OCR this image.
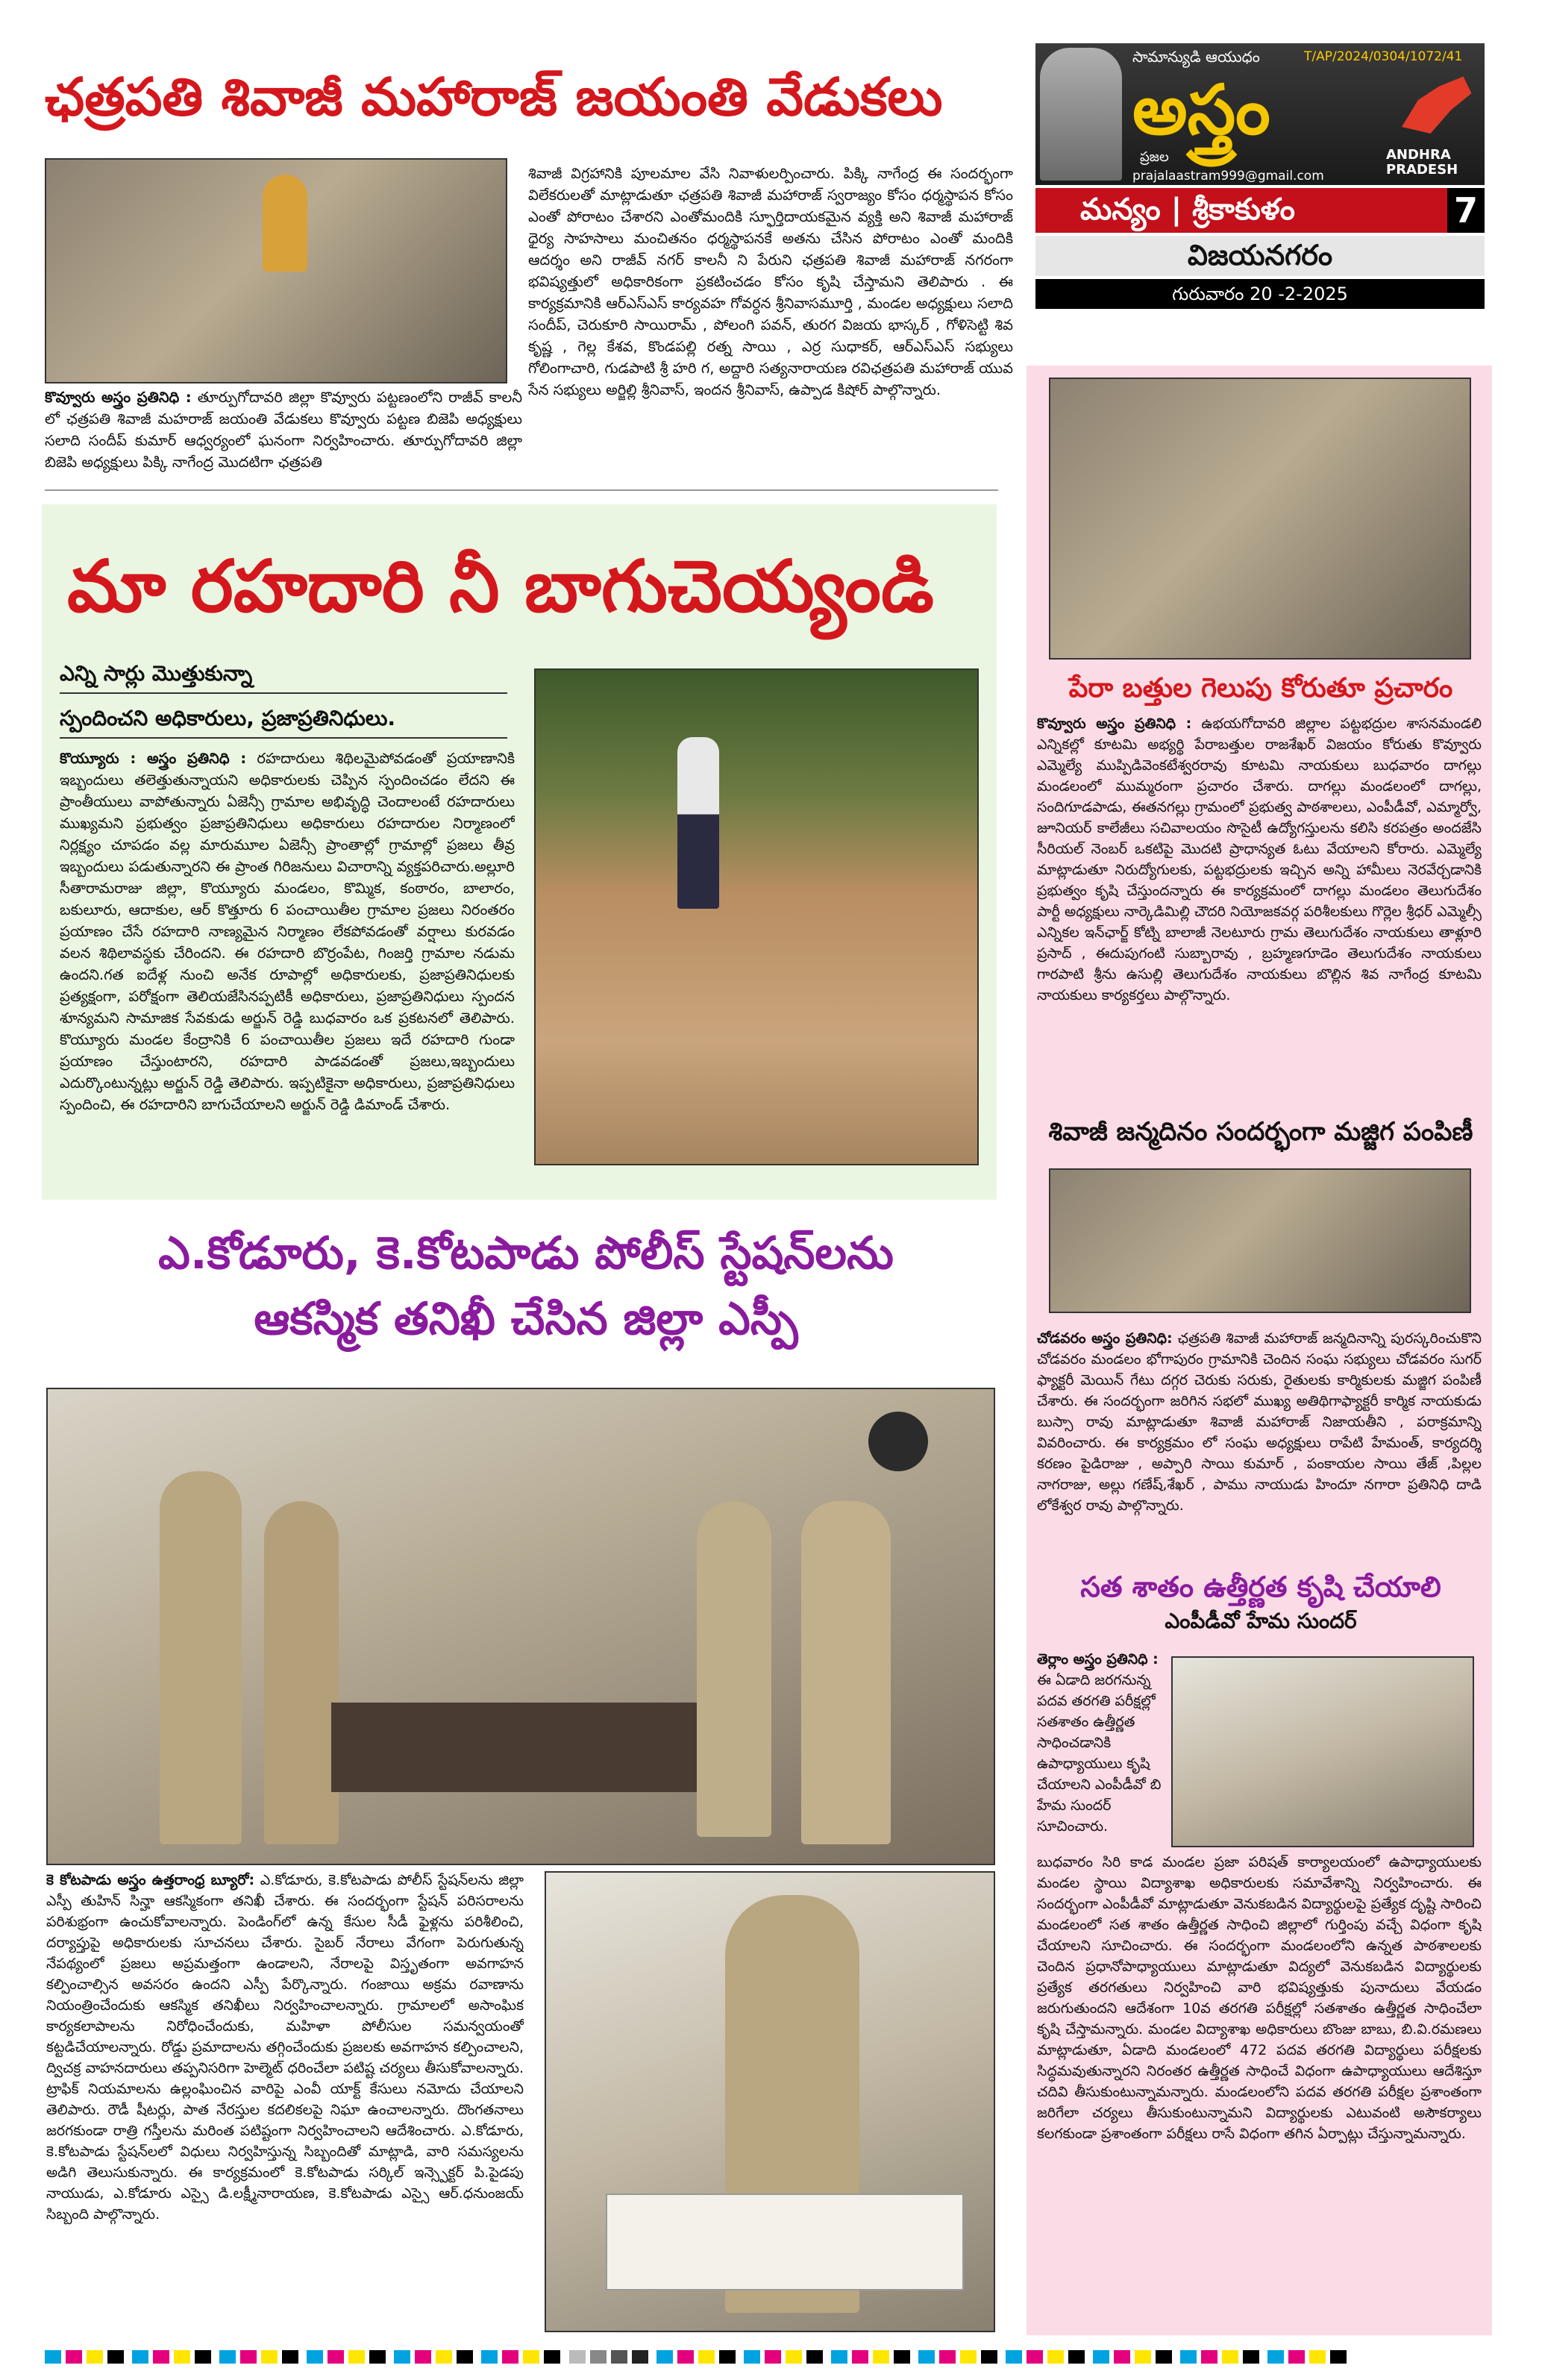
సామాన్యుడి ఆయుధం	T/AP/2024/0304/1072/41
అస్త్రం
ప్రజల	ANDHRA PRADESH
prajalaastram999@gmail.com
మన్యం | శ్రీకాకుళం	7
విజయనగరం
గురువారం 20 -2-2025
ఛత్రపతి శివాజీ మహారాజ్ జయంతి వేడుకలు
కొవ్వూరు అస్త్రం ప్రతినిధి : తూర్పుగోదావరి జిల్లా కొవ్వూరు పట్టణంలోని రాజీవ్ కాలనీ లో ఛత్రపతి శివాజీ మహరాజ్ జయంతి వేడుకలు కొవ్వూరు పట్టణ బిజెపి అధ్యక్షులు సలాది సందీప్ కుమార్ ఆధ్వర్యంలో ఘనంగా నిర్వహించారు. తూర్పుగోదావరి జిల్లా బిజెపి అధ్యక్షులు పిక్కి నాగేంద్ర మొదటిగా ఛత్రపతి
శివాజీ విగ్రహానికి పూలమాల వేసి నివాళులర్పించారు. పిక్కి నాగేంద్ర ఈ సందర్భంగా విలేకరులతో మాట్లాడుతూ ఛత్రపతి శివాజీ మహారాజ్ స్వరాజ్యం కోసం ధర్మస్థాపన కోసం ఎంతో పోరాటం చేశారని ఎంతోమందికి స్ఫూర్తిదాయకమైన వ్యక్తి అని శివాజీ మహారాజ్ ధైర్య సాహసాలు మంచితనం ధర్మస్థాపనకే అతను చేసిన పోరాటం ఎంతో మందికి ఆదర్శం అని రాజీవ్ నగర్ కాలనీ ని పేరుని ఛత్రపతి శివాజీ మహారాజ్ నగరంగా భవిష్యత్తులో అధికారికంగా ప్రకటించడం కోసం కృషి చేస్తామని తెలిపారు . ఈ కార్యక్రమానికి ఆర్ఎస్ఎస్ కార్యవహ గోవర్ధన శ్రీనివాసమూర్తి , మండల అధ్యక్షులు సలాది సందీప్, చెరుకూరి సాయిరామ్ , పోలంగి పవన్, తురగ విజయ భాస్కర్ , గోళిసెట్టి శివ కృష్ణ , గెల్ల కేశవ, కొండపల్లి రత్న సాయి , ఎర్ర సుధాకర్, ఆర్ఎస్ఎస్ సభ్యులు గోలింగాచారి, గుడపాటి శ్రీ హరి గ, అద్దారి సత్యనారాయణ రవిఛత్రపతి మహారాజ్ యువ సేన సభ్యులు అర్జిల్లి శ్రీనివాస్, ఇందన శ్రీనివాస్, ఉప్పాడ కిషోర్ పాల్గొన్నారు.
మా రహదారి నీ బాగుచెయ్యండి
ఎన్ని సార్లు మొత్తుకున్నా
స్పందించని అధికారులు, ప్రజాప్రతినిధులు.
కొయ్యూరు : అస్త్రం ప్రతినిధి : రహదారులు శిథిలమైపోవడంతో ప్రయాణానికి ఇబ్బందులు తలెత్తుతున్నాయని అధికారులకు చెప్పిన స్పందించడం లేదని ఈ ప్రాంతీయులు వాపోతున్నారు ఏజెన్సీ గ్రామాల అభివృద్ధి చెందాలంటే రహదారులు ముఖ్యమని ప్రభుత్వం ప్రజాప్రతినిధులు అధికారులు రహదారుల నిర్మాణంలో నిర్లక్ష్యం చూపడం వల్ల మారుమూల ఏజెన్సీ ప్రాంతాల్లో గ్రామాల్లో ప్రజలు తీవ్ర ఇబ్బందులు పడుతున్నారని ఈ ప్రాంత గిరిజనులు విచారాన్ని వ్యక్తపరిచారు.అల్లూరి సీతారామరాజు జిల్లా, కొయ్యూరు మండలం, కొమ్మిక, కంఠారం, బాలారం, బకులూరు, ఆదాకుల, ఆర్ కొత్తూరు 6 పంచాయితీల గ్రామాల ప్రజలు నిరంతరం ప్రయాణం చేసే రహదారి నాణ్యమైన నిర్మాణం లేకపోవడంతో వర్షాలు కురవడం వలన శిథిలావస్థకు చేరిందని. ఈ రహదారి బొర్రంపేట, గింజర్తి గ్రామాల నడుమ ఉందని.గత ఐదేళ్ల నుంచి అనేక రూపాల్లో అధికారులకు, ప్రజాప్రతినిధులకు ప్రత్యక్షంగా, పరోక్షంగా తెలియజేసినప్పటికీ అధికారులు, ప్రజాప్రతినిధులు స్పందన శూన్యమని సామాజిక సేవకుడు అర్జున్ రెడ్డి బుధవారం ఒక ప్రకటనలో తెలిపారు. కొయ్యూరు మండల కేంద్రానికి 6 పంచాయితీల ప్రజలు ఇదే రహదారి గుండా ప్రయాణం చేస్తుంటారని, రహదారి పాడవడంతో ప్రజలు,ఇబ్బందులు ఎదుర్కొంటున్నట్లు అర్జున్ రెడ్డి తెలిపారు. ఇప్పటికైనా అధికారులు, ప్రజాప్రతినిధులు స్పందించి, ఈ రహదారిని బాగుచేయాలని అర్జున్ రెడ్డి డిమాండ్ చేశారు.
ఎ.కోడూరు, కె.కోటపాడు పోలీస్ స్టేషన్‌లను
ఆకస్మిక తనిఖీ చేసిన జిల్లా ఎస్పీ
కె కోటపాడు అస్త్రం ఉత్తరాంధ్ర బ్యూరో: ఎ.కోడూరు, కె.కోటపాడు పోలీస్ స్టేషన్‌లను జిల్లా ఎస్పీ తుహిన్ సిన్హా ఆకస్మికంగా తనిఖీ చేశారు. ఈ సందర్భంగా స్టేషన్ పరిసరాలను పరిశుభ్రంగా ఉంచుకోవాలన్నారు. పెండింగ్‌లో ఉన్న కేసుల సీడీ ఫైళ్లను పరిశీలించి, దర్యాప్తుపై అధికారులకు సూచనలు చేశారు. సైబర్ నేరాలు వేగంగా పెరుగుతున్న నేపథ్యంలో ప్రజలు అప్రమత్తంగా ఉండాలని, నేరాలపై విస్తృతంగా అవగాహన కల్పించాల్సిన అవసరం ఉందని ఎస్పీ పేర్కొన్నారు. గంజాయి అక్రమ రవాణాను నియంత్రించేందుకు ఆకస్మిక తనిఖీలు నిర్వహించాలన్నారు. గ్రామాలలో అసాంఘిక కార్యకలాపాలను నిరోధించేందుకు, మహిళా పోలీసుల సమన్వయంతో కట్టడిచేయాలన్నారు. రోడ్డు ప్రమాదాలను తగ్గించేందుకు ప్రజలకు అవగాహన కల్పించాలని, ద్విచక్ర వాహనదారులు తప్పనిసరిగా హెల్మెట్ ధరించేలా పటిష్ట చర్యలు తీసుకోవాలన్నారు. ట్రాఫిక్ నియమాలను ఉల్లంఘించిన వారిపై ఎంవీ యాక్ట్ కేసులు నమోదు చేయాలని తెలిపారు. రౌడీ షీటర్లు, పాత నేరస్తుల కదలికలపై నిఘా ఉంచాలన్నారు. దొంగతనాలు జరగకుండా రాత్రి గస్తీలను మరింత పటిష్టంగా నిర్వహించాలని ఆదేశించారు. ఎ.కోడూరు, కె.కోటపాడు స్టేషన్‌లలో విధులు నిర్వహిస్తున్న సిబ్బందితో మాట్లాడి, వారి సమస్యలను అడిగి తెలుసుకున్నారు. ఈ కార్యక్రమంలో కె.కోటపాడు సర్కిల్ ఇన్స్పెక్టర్ పి.పైడపు నాయుడు, ఎ.కోడూరు ఎస్సై డి.లక్ష్మీనారాయణ, కె.కోటపాడు ఎస్సై ఆర్.ధనుంజయ్ సిబ్బంది పాల్గొన్నారు.
పేరా బత్తుల గెలుపు కోరుతూ ప్రచారం
కొవ్వూరు అస్త్రం ప్రతినిధి : ఉభయగోదావరి జిల్లాల పట్టభద్రుల శాసనమండలి ఎన్నికల్లో కూటమి అభ్యర్థి పేరాబత్తుల రాజశేఖర్ విజయం కోరుతు కొవ్వూరు ఎమ్మెల్యే ముప్పిడివెంకటేశ్వరరావు కూటమి నాయకులు బుధవారం దాగల్లు మండలంలో ముమ్మరంగా ప్రచారం చేశారు. దాగల్లు మండలంలో దాగల్లు, సందిగూడపాడు, ఈతనగల్లు గ్రామంలో ప్రభుత్వ పాఠశాలలు, ఎంపీడీవో, ఎమ్మార్వో, జూనియర్ కాలేజీలు సచివాలయం సొసైటీ ఉద్యోగస్తులను కలిసి కరపత్రం అందజేసి సీరియల్ నెంబర్ ఒకటిపై మొదటి ప్రాధాన్యత ఓటు వేయాలని కోరారు. ఎమ్మెల్యే మాట్లాడుతూ నిరుద్యోగులకు, పట్టభద్రులకు ఇచ్చిన అన్ని హామీలు నెరవేర్చడానికి ప్రభుత్వం కృషి చేస్తుందన్నారు ఈ కార్యక్రమంలో దాగల్లు మండలం తెలుగుదేశం పార్టీ అధ్యక్షులు నార్కెడిమిల్లి చౌదరి నియోజకవర్గ పరిశీలకులు గొర్లెల శ్రీధర్ ఎమ్మెల్సీ ఎన్నికల ఇన్‌ఛార్జ్ కోట్ని బాలాజీ నెలటూరు గ్రామ తెలుగుదేశం నాయకులు తాళ్లూరి ప్రసాద్ , ఈదుపుగంటి సుబ్బారావు , బ్రహ్మణగూడెం తెలుగుదేశం నాయకులు గారపాటి శ్రీను ఉసుల్లి తెలుగుదేశం నాయకులు బొల్లిన శివ నాగేంద్ర కూటమి నాయకులు కార్యకర్తలు పాల్గొన్నారు.
శివాజీ జన్మదినం సందర్భంగా మజ్జిగ పంపిణీ
చోడవరం అస్త్రం ప్రతినిధి: ఛత్రపతి శివాజీ మహారాజ్ జన్మదినాన్ని పురస్కరించుకొని చోడవరం మండలం భోగాపురం గ్రామానికి చెందిన సంఘ సభ్యులు చోడవరం సుగర్ ఫ్యాక్టరీ మెయిన్ గేటు దగ్గర చెరుకు సరుకు, రైతులకు కార్మికులకు మజ్జిగ పంపిణీ చేశారు. ఈ సందర్భంగా జరిగిన సభలో ముఖ్య అతిథిగాఫ్యాక్టరీ కార్మిక నాయకుడు బుస్సా రావు మాట్లాడుతూ శివాజీ మహారాజ్ నిజాయతీని , పరాక్రమాన్ని వివరించారు. ఈ కార్యక్రమం లో సంఘ అధ్యక్షులు రాపేటి హేమంత్, కార్యదర్శి కరణం పైడిరాజు , అప్పారి సాయి కుమార్ , పంకాయల సాయి తేజ్ ,పిల్లల నాగరాజు, అల్లు గణేష్,శేఖర్ , పాము నాయుడు హిందూ నగారా ప్రతినిధి దాడి లోకేశ్వర రావు పాల్గొన్నారు.
సత శాతం ఉత్తీర్ణత కృషి చేయాలి
ఎంపీడీవో హేమ సుందర్
తెర్లాం అస్త్రం ప్రతినిధి : ఈ ఏడాది జరగనున్న పదవ తరగతి పరీక్షల్లో సతశాతం ఉత్తీర్ణత సాధించడానికి ఉపాధ్యాయులు కృషి చేయాలని ఎంపీడీవో బి హేమ సుందర్ సూచించారు.
బుధవారం సిరి కాడ మండల ప్రజా పరిషత్ కార్యాలయంలో ఉపాధ్యాయులకు మండల స్థాయి విద్యాశాఖ అధికారులకు సమావేశాన్ని నిర్వహించారు. ఈ సందర్భంగా ఎంపీడీవో మాట్లాడుతూ వెనుకబడిన విద్యార్థులపై ప్రత్యేక దృష్టి సారించి మండలంలో సత శాతం ఉత్తీర్ణత సాధించి జిల్లాలో గుర్తింపు వచ్చే విధంగా కృషి చేయాలని సూచించారు. ఈ సందర్భంగా మండలంలోని ఉన్నత పాఠశాలలకు చెందిన ప్రధానోపాధ్యాయులు మాట్లాడుతూ విద్యలో వెనుకబడిన విద్యార్థులకు ప్రత్యేక తరగతులు నిర్వహించి వారి భవిష్యత్తుకు పునాదులు వేయడం జరుగుతుందని ఆదేశంగా 10వ తరగతి పరీక్షల్లో సతశాతం ఉత్తీర్ణత సాధించేలా కృషి చేస్తామన్నారు. మండల విద్యాశాఖ అధికారులు బొంజు బాబు, బి.వి.రమణలు మాట్లాడుతూ, ఏడాది మండలంలో 472 పదవ తరగతి విద్యార్థులు పరీక్షలకు సిద్ధమవుతున్నారని నిరంతర ఉత్తీర్ణత సాధించే విధంగా ఉపాధ్యాయులు ఆదేశిస్తూ చదివి తీసుకుంటున్నామన్నారు. మండలంలోని పదవ తరగతి పరీక్షల ప్రశాంతంగా జరిగేలా చర్యలు తీసుకుంటున్నామని విద్యార్థులకు ఎటువంటి అసౌకర్యాలు కలగకుండా ప్రశాంతంగా పరీక్షలు రాసే విధంగా తగిన ఏర్పాట్లు చేస్తున్నామన్నారు.
